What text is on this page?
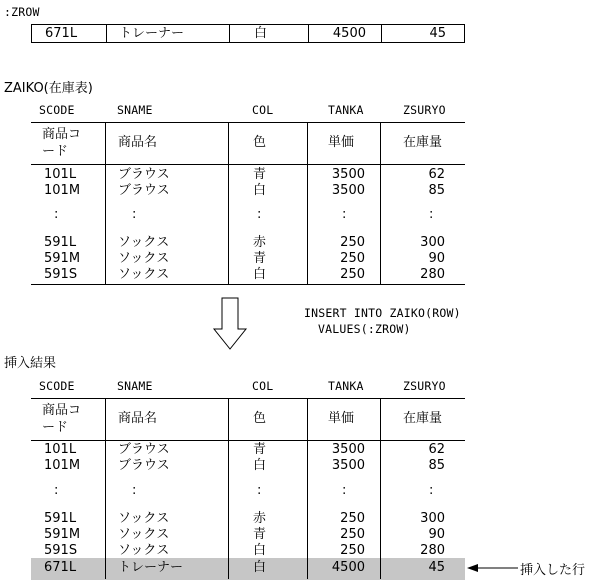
:ZROW
671L	トレーナー	白	4500	45
ZAIKO(在庫表)
SCODE	SNAME	COL	TANKA	ZSURYO
商品コ
ード
商品名	色	単価	在庫量
101L	ブラウス	青	3500	62
101M	ブラウス	白	3500	85
:	:	:	:	:
591L	ソックス	赤	250	300
591M	ソックス	青	250	90
591S	ソックス	白	250	280
INSERT INTO ZAIKO(ROW)
VALUES(:ZROW)
挿入結果
SCODE	SNAME	COL	TANKA	ZSURYO
商品コ
ード
商品名	色	単価	在庫量
101L	ブラウス	青	3500	62
101M	ブラウス	白	3500	85
:	:	:	:	:
591L	ソックス	赤	250	300
591M	ソックス	青	250	90
591S	ソックス	白	250	280
671L	トレーナー	白	4500	45	挿入した行
